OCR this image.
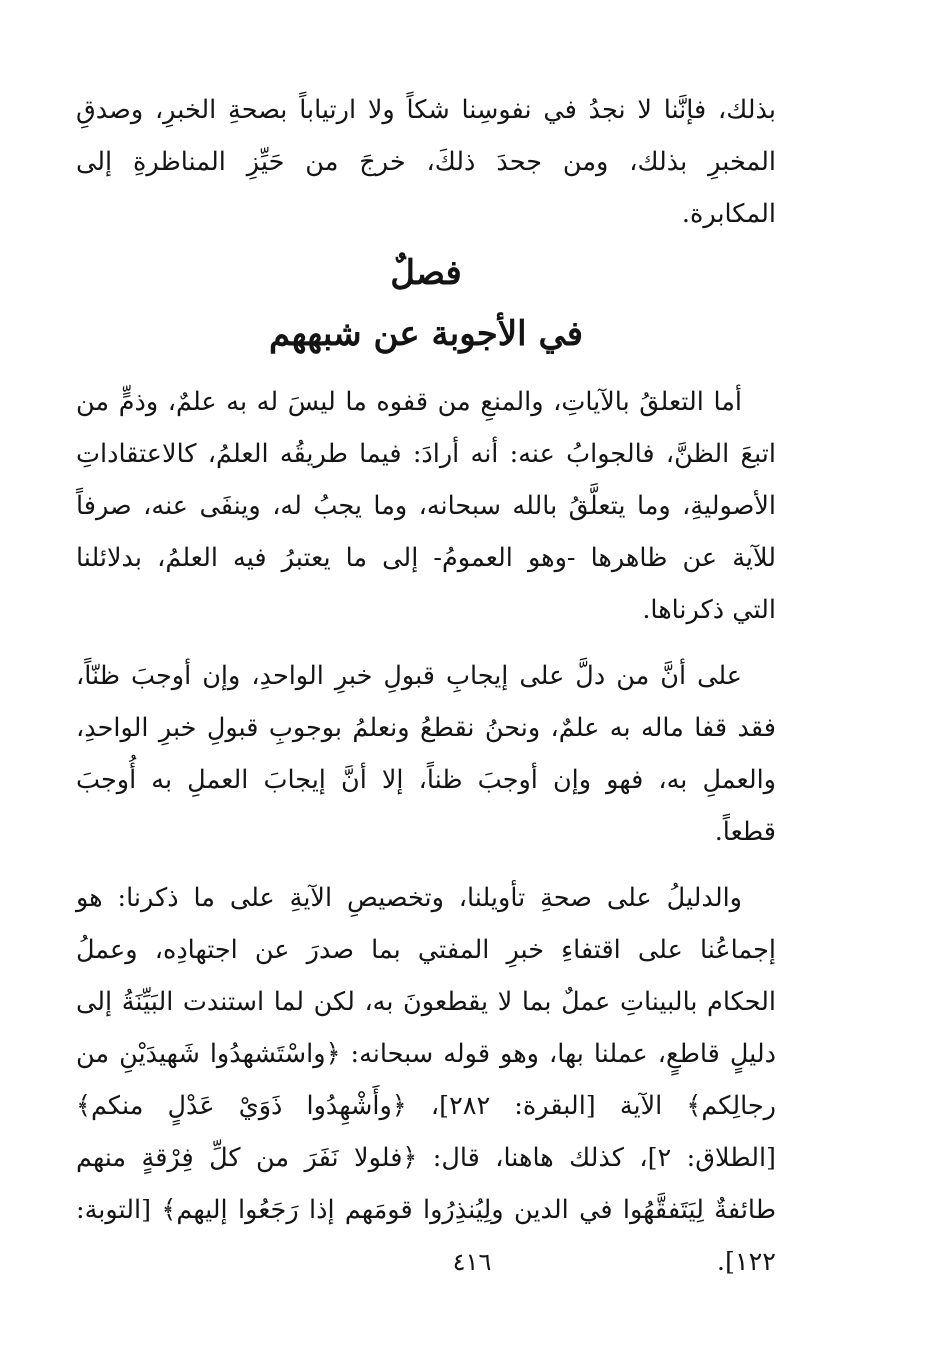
بذلك، فإنَّنا لا نجدُ في نفوسِنا شكاً ولا ارتياباً بصحةِ الخبرِ، وصدقِ
المخبرِ بذلك، ومن جحدَ ذلكَ، خرجَ من حَيِّزِ المناظرةِ إلى
المكابرة.
فصلٌ
في الأجوبة عن شبههم
أما التعلقُ بالآياتِ، والمنعِ من قفوه ما ليسَ له به علمٌ، وذمٍّ من
اتبعَ الظنَّ، فالجوابُ عنه: أنه أرادَ: فيما طريقُه العلمُ، كالاعتقاداتِ
الأصوليةِ، وما يتعلَّقُ بالله سبحانه، وما يجبُ له، وينفَى عنه، صرفاً
للآية عن ظاهرها -وهو العمومُ- إلى ما يعتبرُ فيه العلمُ، بدلائلنا
التي ذكرناها.
على أنَّ من دلَّ على إيجابِ قبولِ خبرِ الواحدِ، وإن أوجبَ ظنّاً،
فقد قفا ماله به علمٌ، ونحنُ نقطعُ ونعلمُ بوجوبِ قبولِ خبرِ الواحدِ،
والعملِ به، فهو وإن أوجبَ ظناً، إلا أنَّ إيجابَ العملِ به أُوجبَ
قطعاً.
والدليلُ على صحةِ تأويلنا، وتخصيصِ الآيةِ على ما ذكرنا: هو
إجماعُنا على اقتفاءِ خبرِ المفتي بما صدرَ عن اجتهادِه، وعملُ
الحكام بالبيناتِ عملٌ بما لا يقطعونَ به، لكن لما استندت البَيِّنَةُ إلى
دليلٍ قاطعٍ، عملنا بها، وهو قوله سبحانه: ﴿واسْتَشهدُوا شَهيدَيْنِ من
رجالِكم﴾ الآية [البقرة: ٢٨٢]، ﴿وأَشْهِدُوا ذَوَيْ عَدْلٍ منكم﴾
[الطلاق: ٢]، كذلك هاهنا، قال: ﴿فلولا نَفَرَ من كلِّ فِرْقةٍ منهم
طائفةٌ لِيَتَفقَّهُوا في الدين ولِيُنذِرُوا قومَهم إذا رَجَعُوا إليهم﴾ [التوبة:
١٢٢].
٤١٦
